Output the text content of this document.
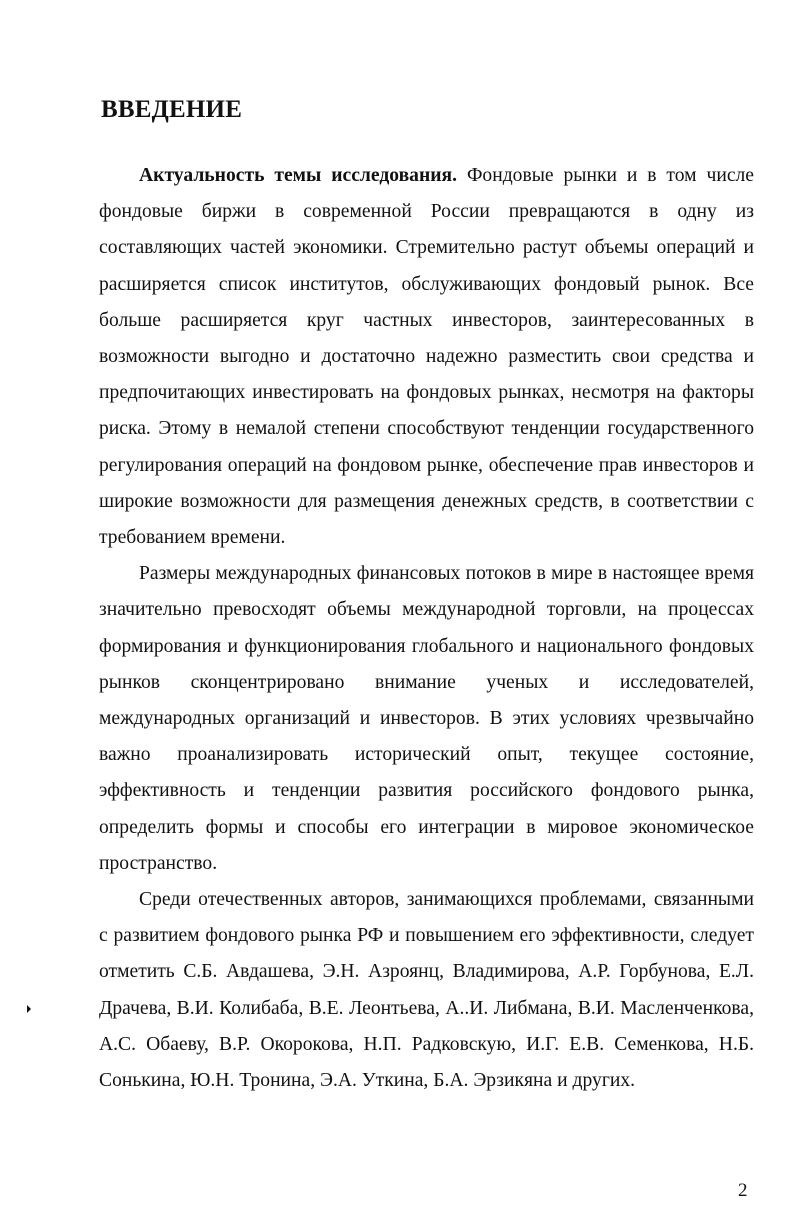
ВВЕДЕНИЕ

Актуальность темы исследования. Фондовые рынки и в том числе фондовые биржи в современной России превращаются в одну из составляющих частей экономики. Стремительно растут объемы операций и расширяется список институтов, обслуживающих фондовый рынок. Все больше расширяется круг частных инвесторов, заинтересованных в возможности выгодно и достаточно надежно разместить свои средства и предпочитающих инвестировать на фондовых рынках, несмотря на факторы риска. Этому в немалой степени способствуют тенденции государственного регулирования операций на фондовом рынке, обеспечение прав инвесторов и широкие возможности для размещения денежных средств, в соответствии с требованием времени.

Размеры международных финансовых потоков в мире в настоящее время значительно превосходят объемы международной торговли, на процессах формирования и функционирования глобального и национального фондовых рынков сконцентрировано внимание ученых и исследователей, международных организаций и инвесторов. В этих условиях чрезвычайно важно проанализировать исторический опыт, текущее состояние, эффективность и тенденции развития российского фондового рынка, определить формы и способы его интеграции в мировое экономическое пространство.

Среди отечественных авторов, занимающихся проблемами, связанными с развитием фондового рынка РФ и повышением его эффективности, следует отметить С.Б. Авдашева, Э.Н. Азроянц, Владимирова, А.Р. Горбунова, Е.Л. Драчева, В.И. Колибаба, В.Е. Леонтьева, А..И. Либмана, В.И. Масленченкова, А.С. Обаеву, В.Р. Окорокова, Н.П. Радковскую, И.Г. Е.В. Семенкова, Н.Б. Сонькина, Ю.Н. Тронина, Э.А. Уткина, Б.А. Эрзикяна и других.

2
